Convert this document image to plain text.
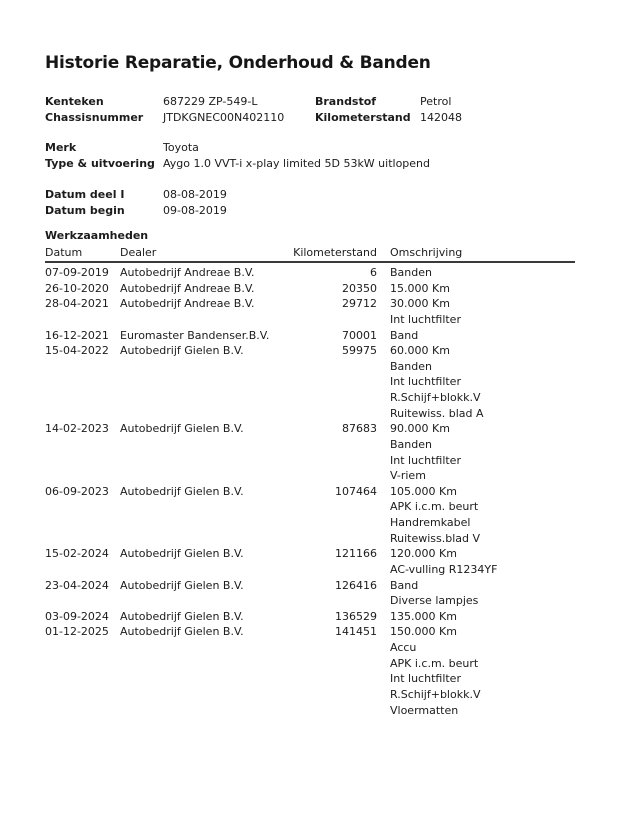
Historie Reparatie, Onderhoud & Banden
Kenteken	687229 ZP-549-L	Brandstof	Petrol
Chassisnummer JTDKGNEC00N402110	Kilometerstand 142048
Merk	Toyota
Type & uitvoering Aygo 1.0 VVT-i x-play limited 5D 53kW uitlopend
Datum deel I	08-08-2019
Datum begin	09-08-2019
Werkzaamheden
Datum	Dealer	Kilometerstand	Omschrijving
07-09-2019	Autobedrijf Andreae B.V.	6	Banden
26-10-2020	Autobedrijf Andreae B.V.	20350	15.000 Km
28-04-2021	Autobedrijf Andreae B.V.	29712	30.000 Km
Int luchtfilter
16-12-2021	Euromaster Bandenser.B.V.	70001	Band
15-04-2022	Autobedrijf Gielen B.V.	59975	60.000 Km
Banden
Int luchtfilter
R.Schijf+blokk.V
Ruitewiss. blad A
14-02-2023	Autobedrijf Gielen B.V.	87683	90.000 Km
Banden
Int luchtfilter
V-riem
06-09-2023	Autobedrijf Gielen B.V.	107464	105.000 Km
APK i.c.m. beurt
Handremkabel
Ruitewiss.blad V
15-02-2024	Autobedrijf Gielen B.V.	121166	120.000 Km
AC-vulling R1234YF
23-04-2024	Autobedrijf Gielen B.V.	126416	Band
Diverse lampjes
03-09-2024	Autobedrijf Gielen B.V.	136529	135.000 Km
01-12-2025	Autobedrijf Gielen B.V.	141451	150.000 Km
Accu
APK i.c.m. beurt
Int luchtfilter
R.Schijf+blokk.V
Vloermatten
